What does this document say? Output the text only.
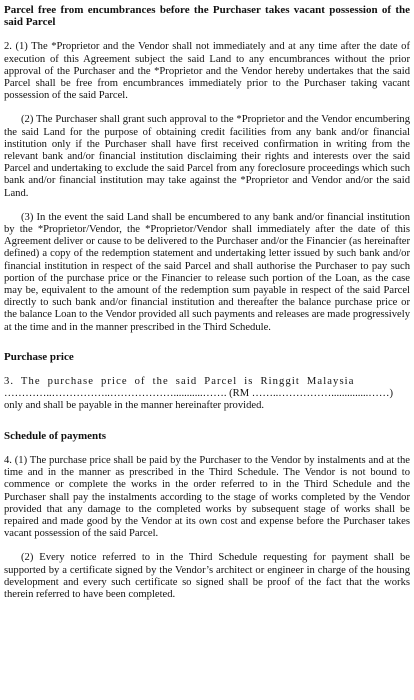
Parcel free from encumbrances before the Purchaser takes vacant possession of the said Parcel

2. (1) The *Proprietor and the Vendor shall not immediately and at any time after the date of execution of this Agreement subject the said Land to any encumbrances without the prior approval of the Purchaser and the *Proprietor and the Vendor hereby undertakes that the said Parcel shall be free from encumbrances immediately prior to the Purchaser taking vacant possession of the said Parcel.

(2) The Purchaser shall grant such approval to the *Proprietor and the Vendor encumbering the said Land for the purpose of obtaining credit facilities from any bank and/or financial institution only if the Purchaser shall have first received confirmation in writing from the relevant bank and/or financial institution disclaiming their rights and interests over the said Parcel and undertaking to exclude the said Parcel from any foreclosure proceedings which such bank and/or financial institution may take against the *Proprietor and Vendor and/or the said Land.

(3) In the event the said Land shall be encumbered to any bank and/or financial institution by the *Proprietor/Vendor, the *Proprietor/Vendor shall immediately after the date of this Agreement deliver or cause to be delivered to the Purchaser and/or the Financier (as hereinafter defined) a copy of the redemption statement and undertaking letter issued by such bank and/or financial institution in respect of the said Parcel and shall authorise the Purchaser to pay such portion of the purchase price or the Financier to release such portion of the Loan, as the case may be, equivalent to the amount of the redemption sum payable in respect of the said Parcel directly to such bank and/or financial institution and thereafter the balance purchase price or the balance Loan to the Vendor provided all such payments and releases are made progressively at the time and in the manner prescribed in the Third Schedule.

Purchase price

3. The purchase price of the said Parcel is Ringgit Malaysia

…………..……………..………………...........……. (RM ……..……………..............……)

only and shall be payable in the manner hereinafter provided.

Schedule of payments

4. (1) The purchase price shall be paid by the Purchaser to the Vendor by instalments and at the time and in the manner as prescribed in the Third Schedule. The Vendor is not bound to commence or complete the works in the order referred to in the Third Schedule and the Purchaser shall pay the instalments according to the stage of works completed by the Vendor provided that any damage to the completed works by subsequent stage of works shall be repaired and made good by the Vendor at its own cost and expense before the Purchaser takes vacant possession of the said Parcel.

(2) Every notice referred to in the Third Schedule requesting for payment shall be supported by a certificate signed by the Vendor’s architect or engineer in charge of the housing development and every such certificate so signed shall be proof of the fact that the works therein referred to have been completed.
